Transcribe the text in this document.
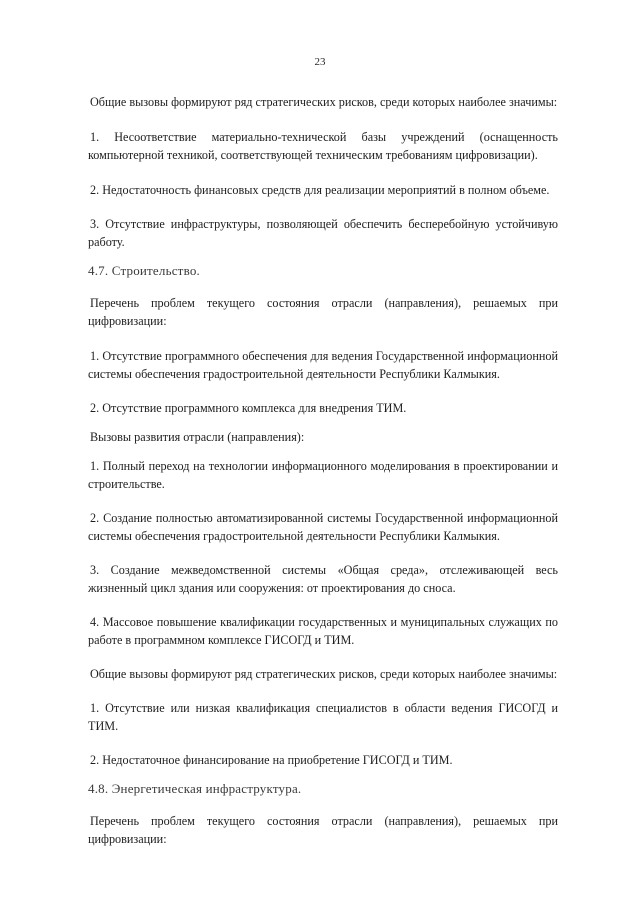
23

Общие вызовы формируют ряд стратегических рисков, среди которых наиболее значимы:

1. Несоответствие материально-технической базы учреждений (оснащенность компьютерной техникой, соответствующей техническим требованиям цифровизации).

2. Недостаточность финансовых средств для реализации мероприятий в полном объеме.

3. Отсутствие инфраструктуры, позволяющей обеспечить бесперебойную устойчивую работу.

4.7. Строительство.

Перечень проблем текущего состояния отрасли (направления), решаемых при цифровизации:

1. Отсутствие программного обеспечения для ведения Государственной информационной системы обеспечения градостроительной деятельности Республики Калмыкия.

2. Отсутствие программного комплекса для внедрения ТИМ.

Вызовы развития отрасли (направления):

1. Полный переход на технологии информационного моделирования в проектировании и строительстве.

2. Создание полностью автоматизированной системы Государственной информационной системы обеспечения градостроительной деятельности Республики Калмыкия.

3. Создание межведомственной системы «Общая среда», отслеживающей весь жизненный цикл здания или сооружения: от проектирования до сноса.

4. Массовое повышение квалификации государственных и муниципальных служащих по работе в программном комплексе ГИСОГД и ТИМ.

Общие вызовы формируют ряд стратегических рисков, среди которых наиболее значимы:

1. Отсутствие или низкая квалификация специалистов в области ведения ГИСОГД и ТИМ.

2. Недостаточное финансирование на приобретение ГИСОГД и ТИМ.

4.8. Энергетическая инфраструктура.

Перечень проблем текущего состояния отрасли (направления), решаемых при цифровизации:
